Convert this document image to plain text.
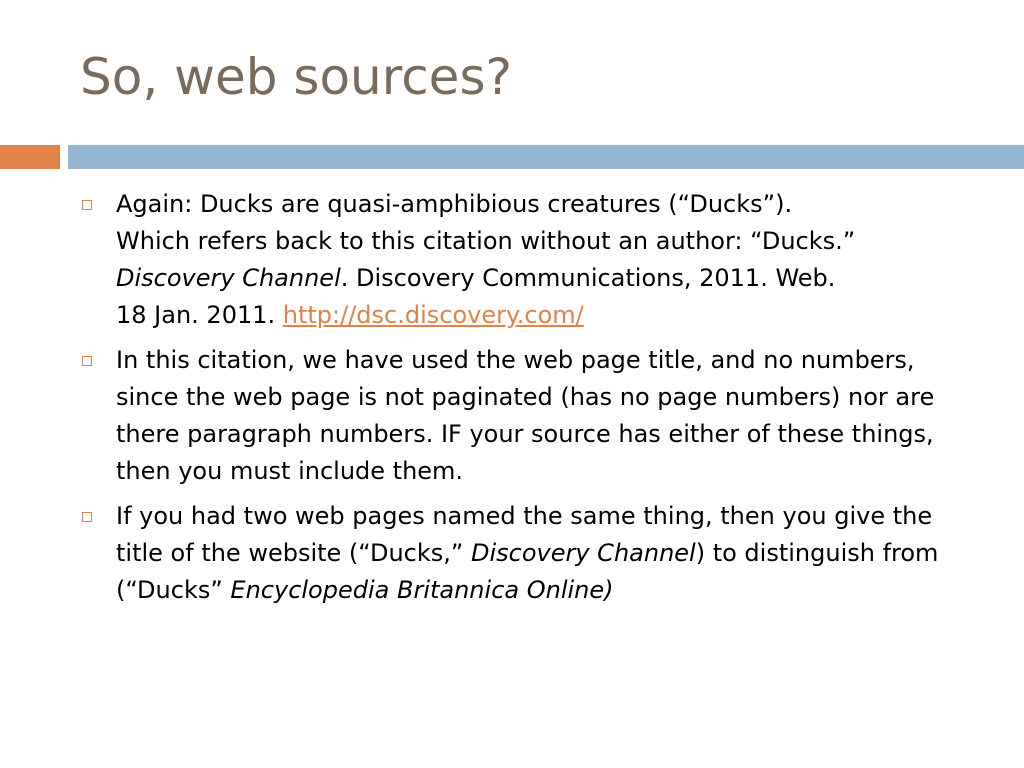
So, web sources?
Again: Ducks are quasi-amphibious creatures (“Ducks”).
Which refers back to this citation without an author: “Ducks.”
Discovery Channel. Discovery Communications, 2011. Web.
18 Jan. 2011. http://dsc.discovery.com/
In this citation, we have used the web page title, and no numbers, since the web page is not paginated (has no page numbers) nor are there paragraph numbers. IF your source has either of these things, then you must include them.
If you had two web pages named the same thing, then you give the title of the website (“Ducks,” Discovery Channel) to distinguish from (“Ducks” Encyclopedia Britannica Online)
